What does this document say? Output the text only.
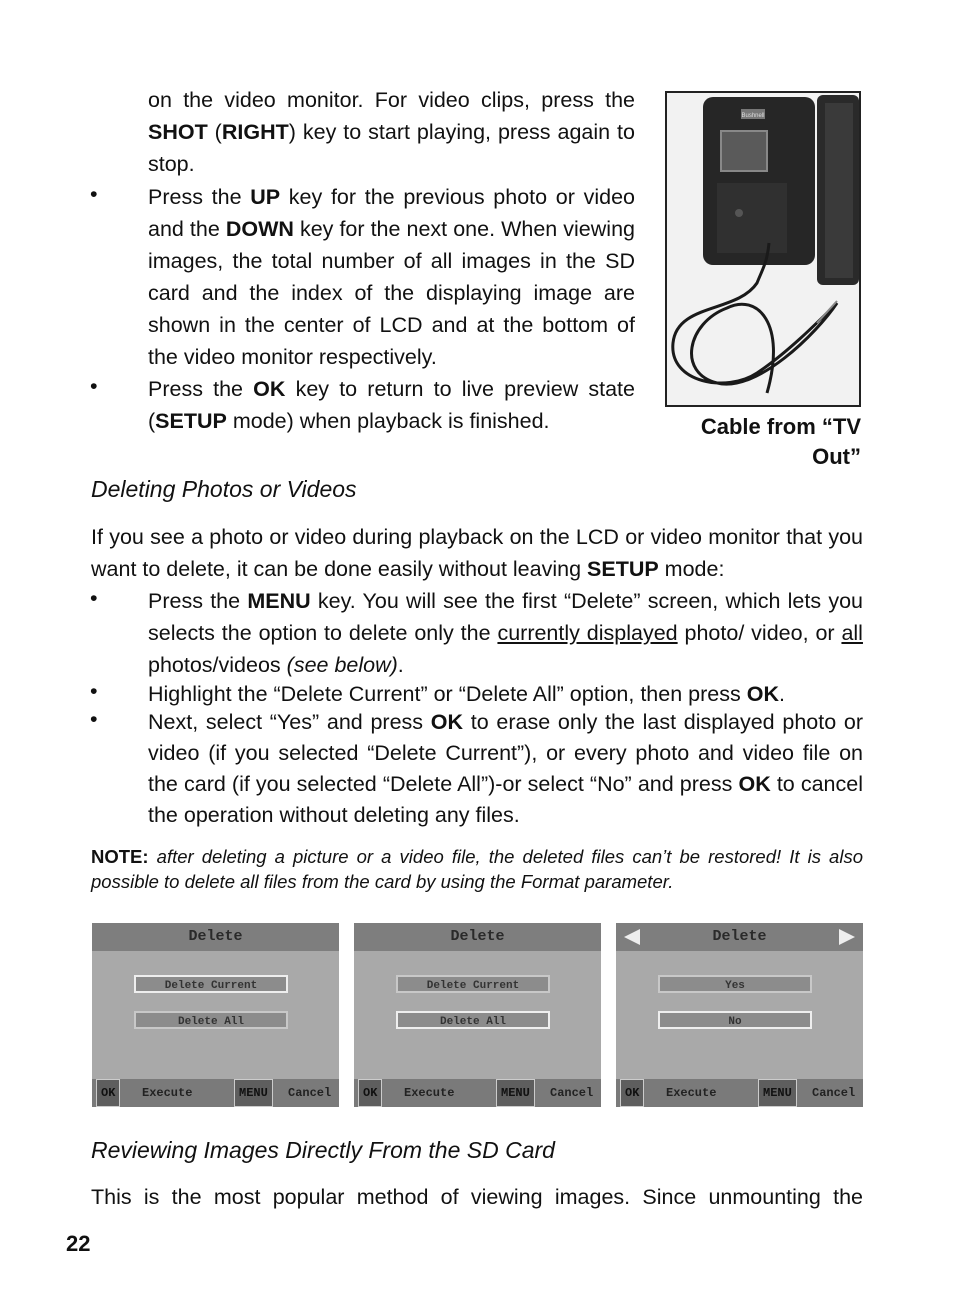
on the video monitor. For video clips, press the SHOT (RIGHT) key to start playing, press again to stop.

• Press the UP key for the previous photo or video and the DOWN key for the next one. When viewing images, the total number of all images in the SD card and the index of the displaying image are shown in the center of LCD and at the bottom of the video monitor respectively.

• Press the OK key to return to live preview state (SETUP mode) when playback is finished.

Bushnell
Cable from “TV Out”
Deleting Photos or Videos

If you see a photo or video during playback on the LCD or video monitor that you want to delete, it can be done easily without leaving SETUP mode:

• Press the MENU key. You will see the first “Delete” screen, which lets you selects the option to delete only the currently displayed photo/ video, or all photos/videos (see below).

• Highlight the “Delete Current” or “Delete All” option, then press OK.

• Next, select “Yes” and press OK to erase only the last displayed photo or video (if you selected “Delete Current”), or every photo and video file on the card (if you selected “Delete All”)-or select “No” and press OK to cancel the operation without deleting any files.

NOTE: after deleting a picture or a video file, the deleted files can’t be restored! It is also possible to delete all files from the card by using the Format parameter.

Delete
Delete Current
Delete All
OK	Execute	MENU	Cancel
Delete
Delete Current
Delete All
OK	Execute	MENU	Cancel
Delete
Yes
No
OK	Execute	MENU	Cancel
Reviewing Images Directly From the SD Card

This is the most popular method of viewing images. Since unmounting the

22
